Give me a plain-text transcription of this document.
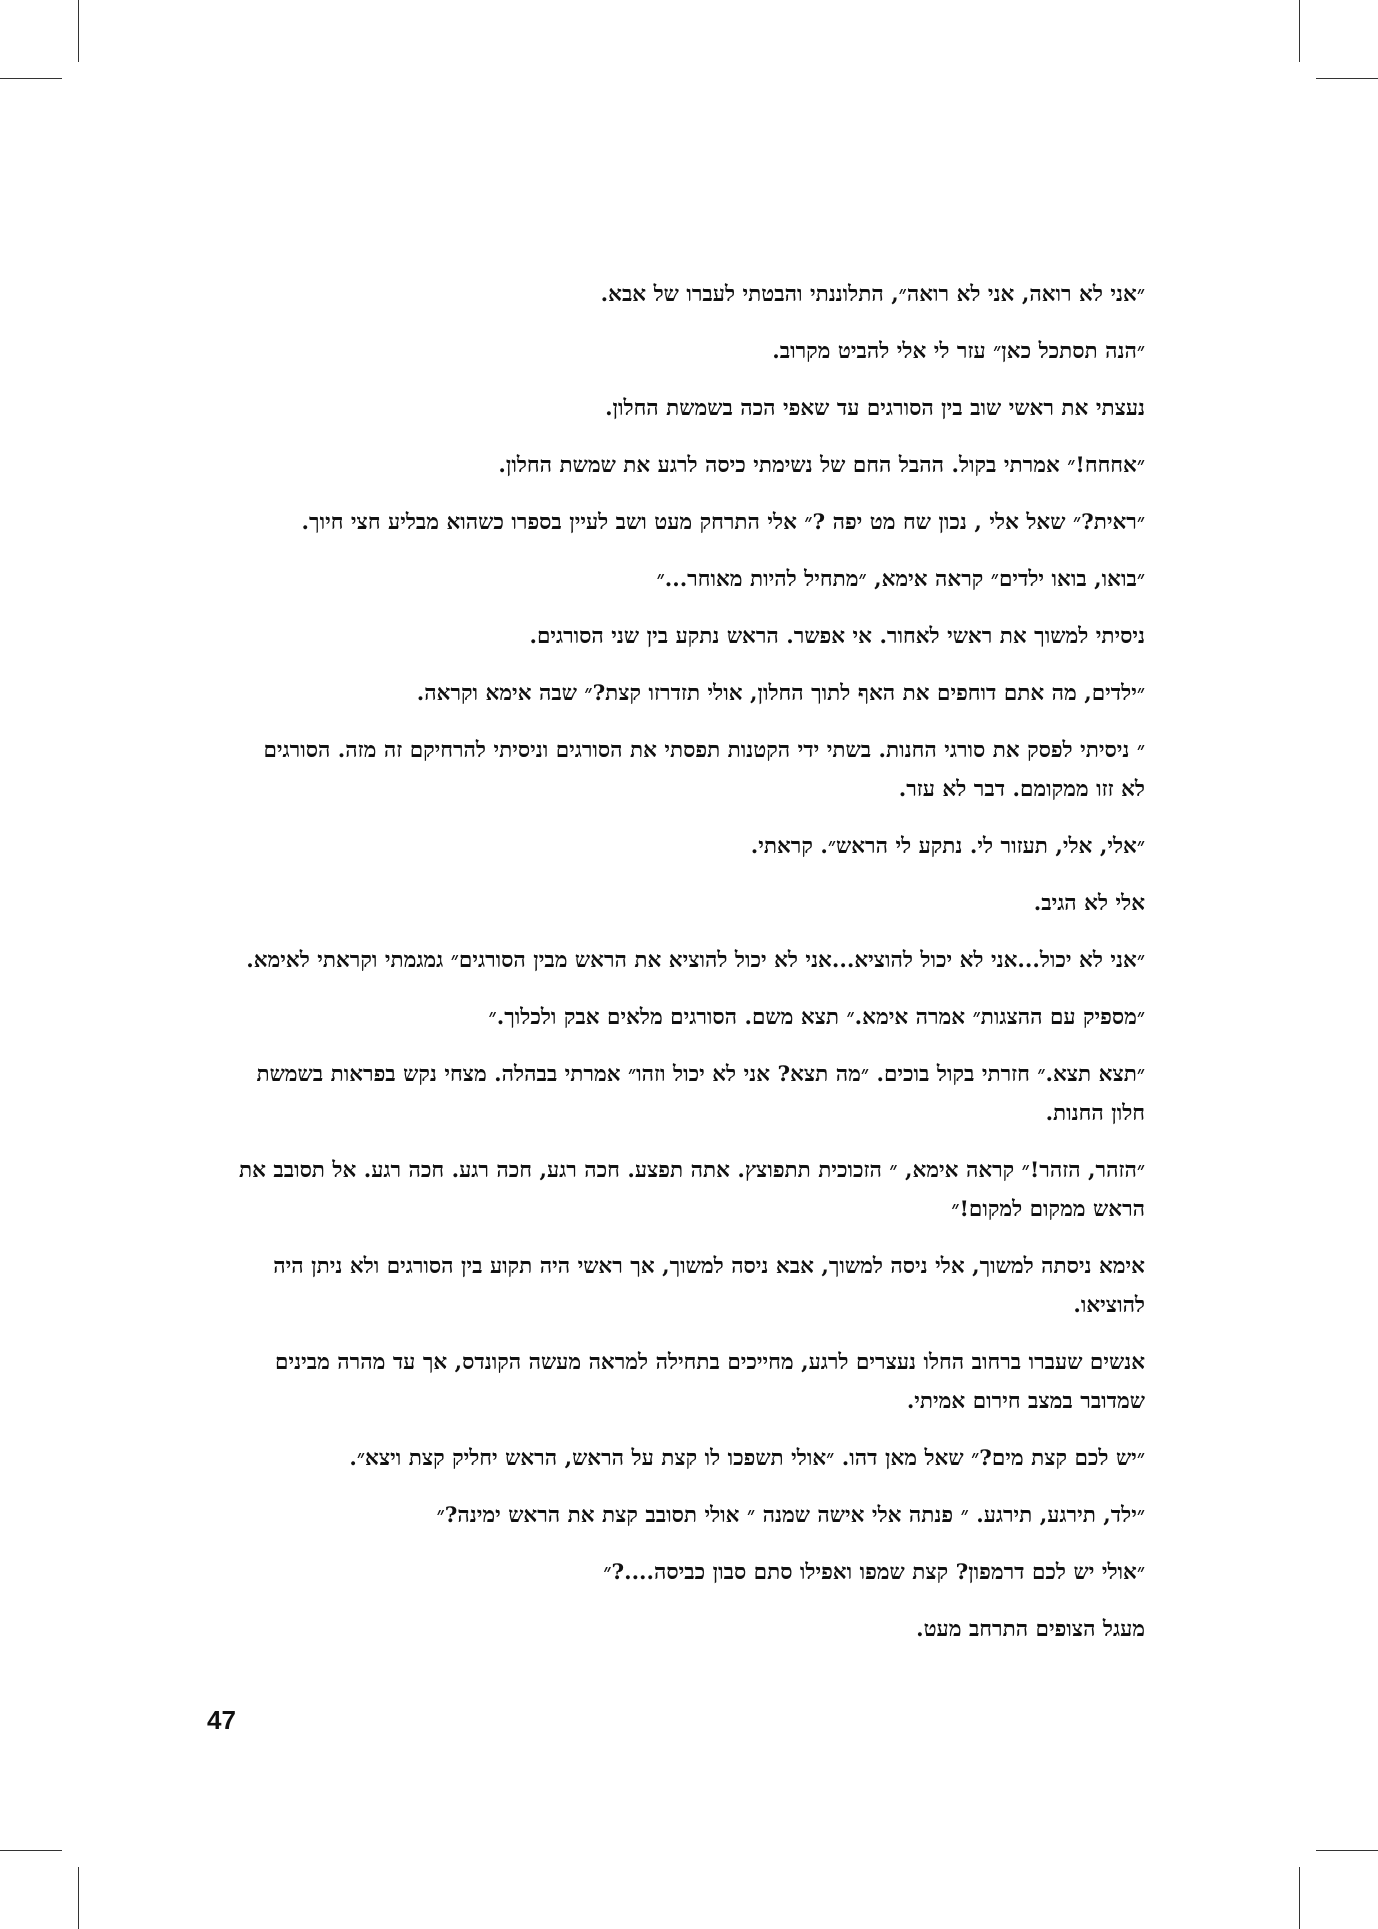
״אני לא רואה, אני לא רואה״, התלוננתי והבטתי לעברו של אבא.

״הנה תסתכל כאן״ עזר לי אלי להביט מקרוב.

נעצתי את ראשי שוב בין הסורגים עד שאפי הכה בשמשת החלון.

״אחחח!״ אמרתי בקול. ההבל החם של נשימתי כיסה לרגע את שמשת החלון.

״ראית?״ שאל אלי , נכון שח מט יפה ?״ אלי התרחק מעט ושב לעיין בספרו כשהוא מבליע חצי חיוך.

״בואו, בואו ילדים״ קראה אימא, ״מתחיל להיות מאוחר...״

ניסיתי למשוך את ראשי לאחור. אי אפשר. הראש נתקע בין שני הסורגים.

״ילדים, מה אתם דוחפים את האף לתוך החלון, אולי תזדרזו קצת?״ שבה אימא וקראה.

״ ניסיתי לפסק את סורגי החנות. בשתי ידי הקטנות תפסתי את הסורגים וניסיתי להרחיקם זה מזה. הסורגים לא זזו ממקומם. דבר לא עזר.

״אלי, אלי, תעזור לי. נתקע לי הראש״. קראתי.

אלי לא הגיב.

״אני לא יכול...אני לא יכול להוציא...אני לא יכול להוציא את הראש מבין הסורגים״ גמגמתי וקראתי לאימא.

״מספיק עם ההצגות״ אמרה אימא.״ תצא משם. הסורגים מלאים אבק ולכלוך.״

״תצא תצא.״ חזרתי בקול בוכים. ״מה תצא? אני לא יכול וזהו״ אמרתי בבהלה. מצחי נקש בפראות בשמשת חלון החנות.

״הזהר, הזהר!״ קראה אימא, ״ הזכוכית תתפוצץ. אתה תפצע. חכה רגע, חכה רגע. חכה רגע. אל תסובב את הראש ממקום למקום!״

אימא ניסתה למשוך, אלי ניסה למשוך, אבא ניסה למשוך, אך ראשי היה תקוע בין הסורגים ולא ניתן היה להוציאו.

אנשים שעברו ברחוב החלו נעצרים לרגע, מחייכים בתחילה למראה מעשה הקונדס, אך עד מהרה מבינים שמדובר במצב חירום אמיתי.

״יש לכם קצת מים?״ שאל מאן דהו. ״אולי תשפכו לו קצת על הראש, הראש יחליק קצת ויצא״.

״ילד, תירגע, תירגע. ״ פנתה אלי אישה שמנה ״ אולי תסובב קצת את הראש ימינה?״

״אולי יש לכם דרמפון? קצת שמפו ואפילו סתם סבון כביסה....?״

מעגל הצופים התרחב מעט.

47
